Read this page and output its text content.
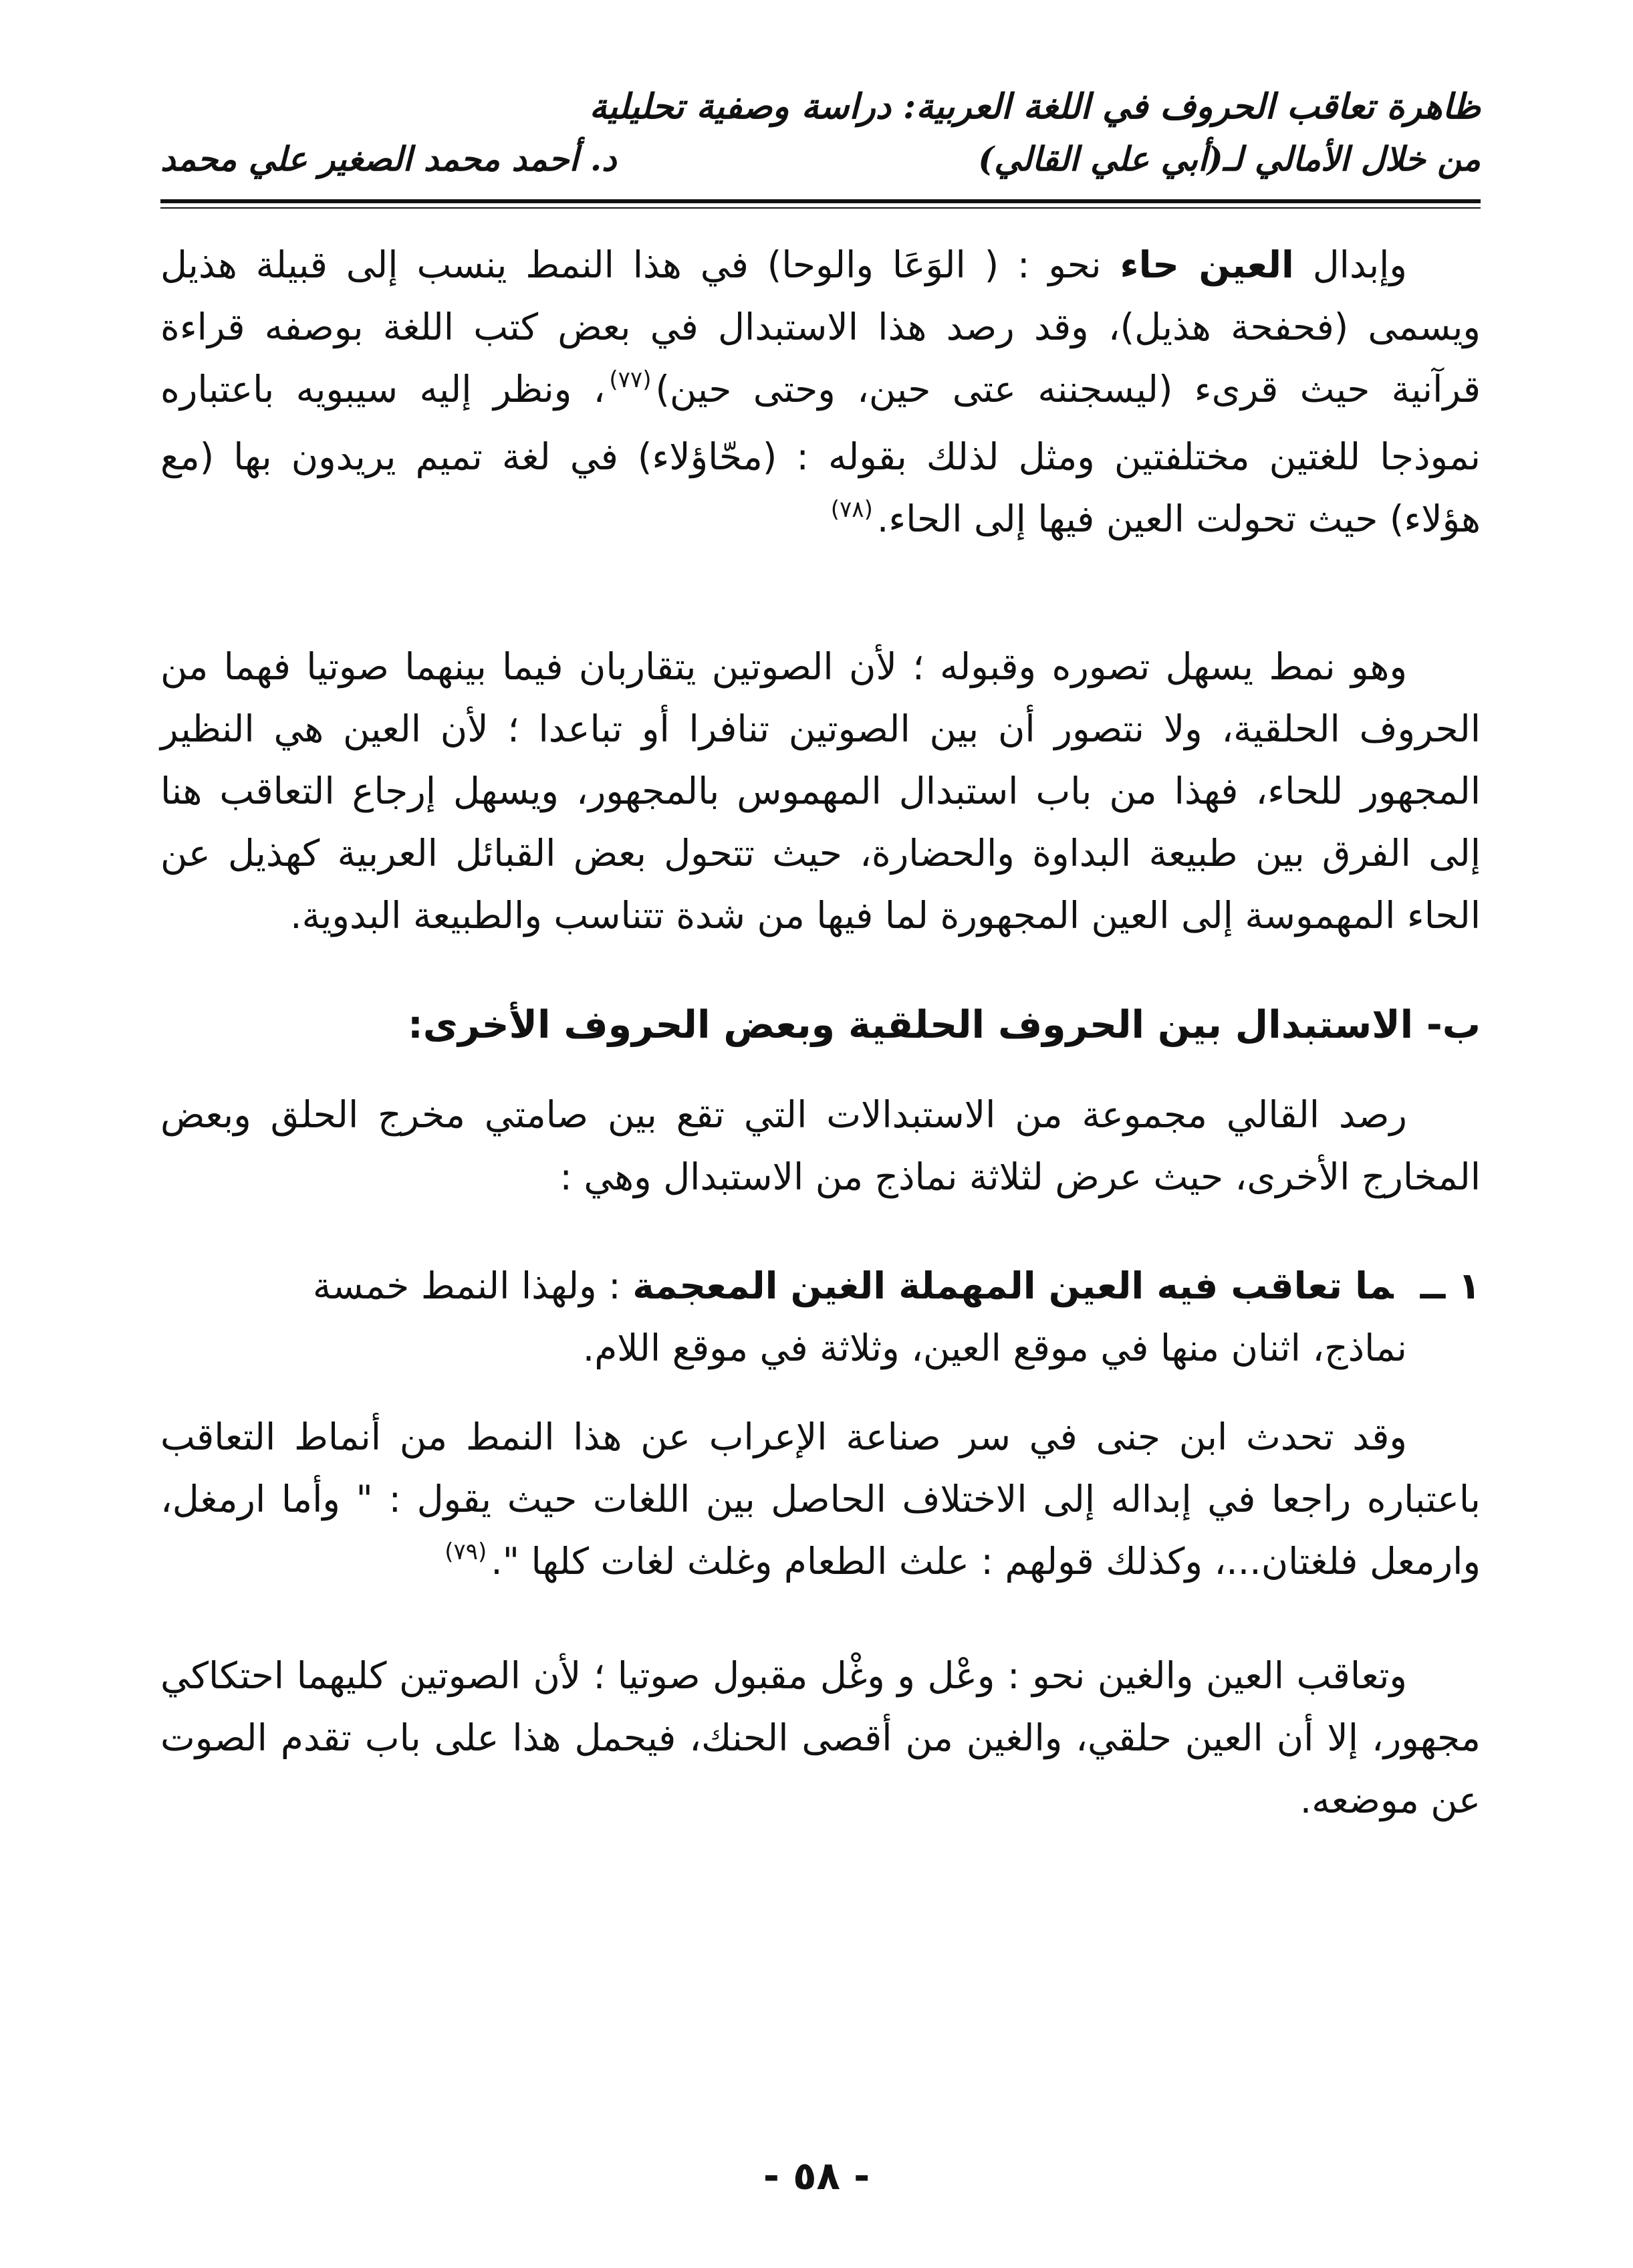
ظاهرة تعاقب الحروف في اللغة العربية: دراسة وصفية تحليلية
من خلال الأمالي لـ(أبي علي القالي)
د. أحمد محمد الصغير علي محمد

وإبدال العين حاء نحو : ( الوَعَا والوحا) في هذا النمط ينسب إلى قبيلة هذيل ويسمى (فحفحة هذيل)، وقد رصد هذا الاستبدال في بعض كتب اللغة بوصفه قراءة قرآنية حيث قرىء (ليسجننه عتى حين، وحتى حين)$^{(٧٧)}$، ونظر إليه سيبويه باعتباره نموذجا للغتين مختلفتين ومثل لذلك بقوله : (محّاؤلاء) في لغة تميم يريدون بها (مع هؤلاء) حيث تحولت العين فيها إلى الحاء.$^{(٧٨)}$

وهو نمط يسهل تصوره وقبوله ؛ لأن الصوتين يتقاربان فيما بينهما صوتيا فهما من الحروف الحلقية، ولا نتصور أن بين الصوتين تنافرا أو تباعدا ؛ لأن العين هي النظير المجهور للحاء، فهذا من باب استبدال المهموس بالمجهور، ويسهل إرجاع التعاقب هنا إلى الفرق بين طبيعة البداوة والحضارة، حيث تتحول بعض القبائل العربية كهذيل عن الحاء المهموسة إلى العين المجهورة لما فيها من شدة تتناسب والطبيعة البدوية.

ب- الاستبدال بين الحروف الحلقية وبعض الحروف الأخرى:

رصد القالي مجموعة من الاستبدالات التي تقع بين صامتي مخرج الحلق وبعض المخارج الأخرى، حيث عرض لثلاثة نماذج من الاستبدال وهي :

١ ــما تعاقب فيه العين المهملة الغين المعجمة : ولهذا النمط خمسة

نماذج، اثنان منها في موقع العين، وثلاثة في موقع اللام.

وقد تحدث ابن جنى في سر صناعة الإعراب عن هذا النمط من أنماط التعاقب باعتباره راجعا في إبداله إلى الاختلاف الحاصل بين اللغات حيث يقول : " وأما ارمغل، وارمعل فلغتان...، وكذلك قولهم : علث الطعام وغلث لغات كلها ".$^{(٧٩)}$

وتعاقب العين والغين نحو : وعْل و وغْل مقبول صوتيا ؛ لأن الصوتين كليهما احتكاكي مجهور، إلا أن العين حلقي، والغين من أقصى الحنك، فيحمل هذا على باب تقدم الصوت عن موضعه.

- ٥٨ -
